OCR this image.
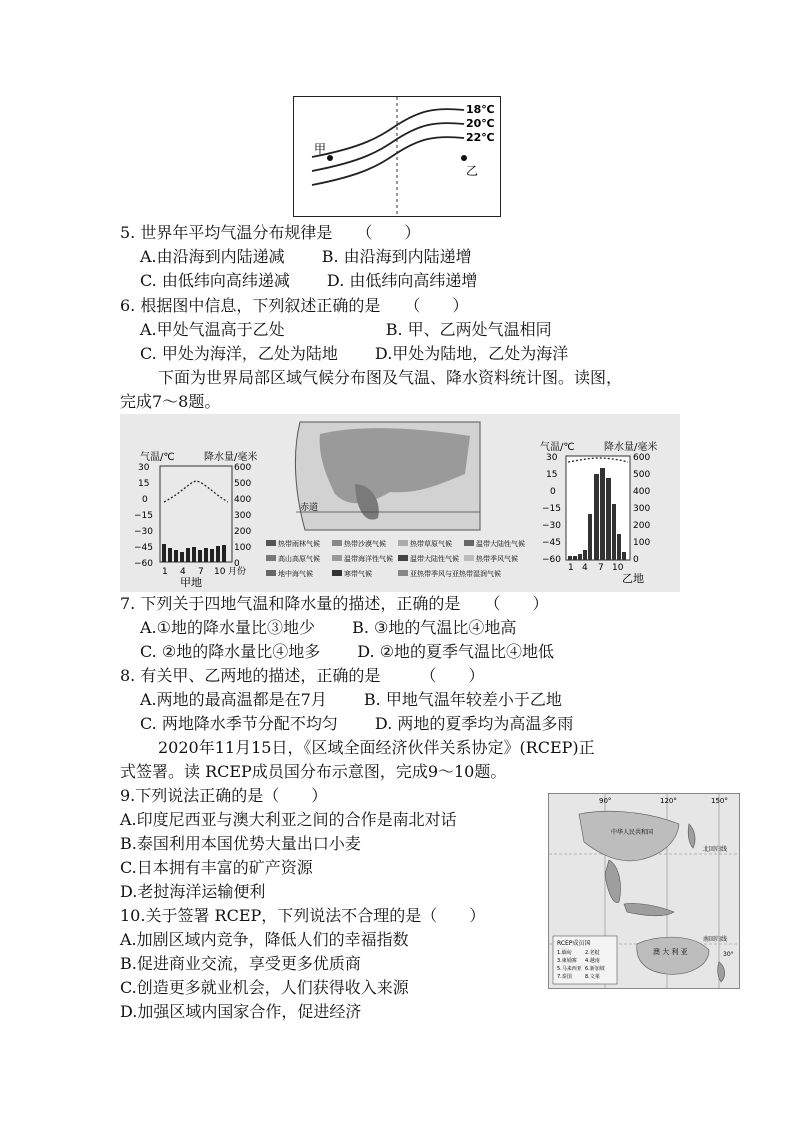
18℃
20℃
22℃
甲
乙
5. 世界年平均气温分布规律是　　（　　）
A.由沿海到内陆递减　　 B. 由沿海到内陆递增
C. 由低纬向高纬递减　　 D. 由低纬向高纬递增
6. 根据图中信息，下列叙述正确的是　　（　　）
A.甲处气温高于乙处　　　　　　 B. 甲、乙两处气温相同
C. 甲处为海洋，乙处为陆地　　 D.甲处为陆地，乙处为海洋
下面为世界局部区域气候分布图及气温、降水资料统计图。读图，
完成7～8题。
气温/℃	降水量/毫米
30
15
0
−15
−30
−45
−60
600
500
400
300
200
100
0
1 4 7 10 月份
甲地
赤道
热带雨林气候	热带沙漠气候	热带草原气候	温带大陆性气候
高山高原气候	温带海洋性气候 温带大陆性气候 热带季风气候
地中海气候	寒带气候	亚热带季风与亚热带湿润气候
气温/℃	降水量/毫米
30
15
0
−15
−30
−45
−60
600
500
400
300
200
100
0
1 4 7 10
乙地
7. 下列关于四地气温和降水量的描述，正确的是　　（　　）
A.①地的降水量比③地少　　 B. ③地的气温比④地高
C. ②地的降水量比④地多　　 D. ②地的夏季气温比④地低
8. 有关甲、乙两地的描述，正确的是　　　（　　）
A.两地的最高温都是在7月　　 B. 甲地气温年较差小于乙地
C. 两地降水季节分配不均匀　　 D. 两地的夏季均为高温多雨
2020年11月15日，《区域全面经济伙伴关系协定》(RCEP)正
式签署。读 RCEP成员国分布示意图，完成9～10题。
9.下列说法正确的是（　　）
A.印度尼西亚与澳大利亚之间的合作是南北对话
B.泰国利用本国优势大量出口小麦
C.日本拥有丰富的矿产资源
D.老挝海洋运输便利
10.关于签署 RCEP，下列说法不合理的是（　　）
A.加剧区域内竞争，降低人们的幸福指数
B.促进商业交流，享受更多优质商
C.创造更多就业机会，人们获得收入来源
D.加强区域内国家合作，促进经济
90°	120°	150°
北回归线
南回归线
中华人民共和国
澳 大 利 亚	30°
RCEP成员国
1.缅甸	2.老挝
3.柬埔寨 4.越南
5.马来西亚 6.新加坡
7.泰国	8.文莱
